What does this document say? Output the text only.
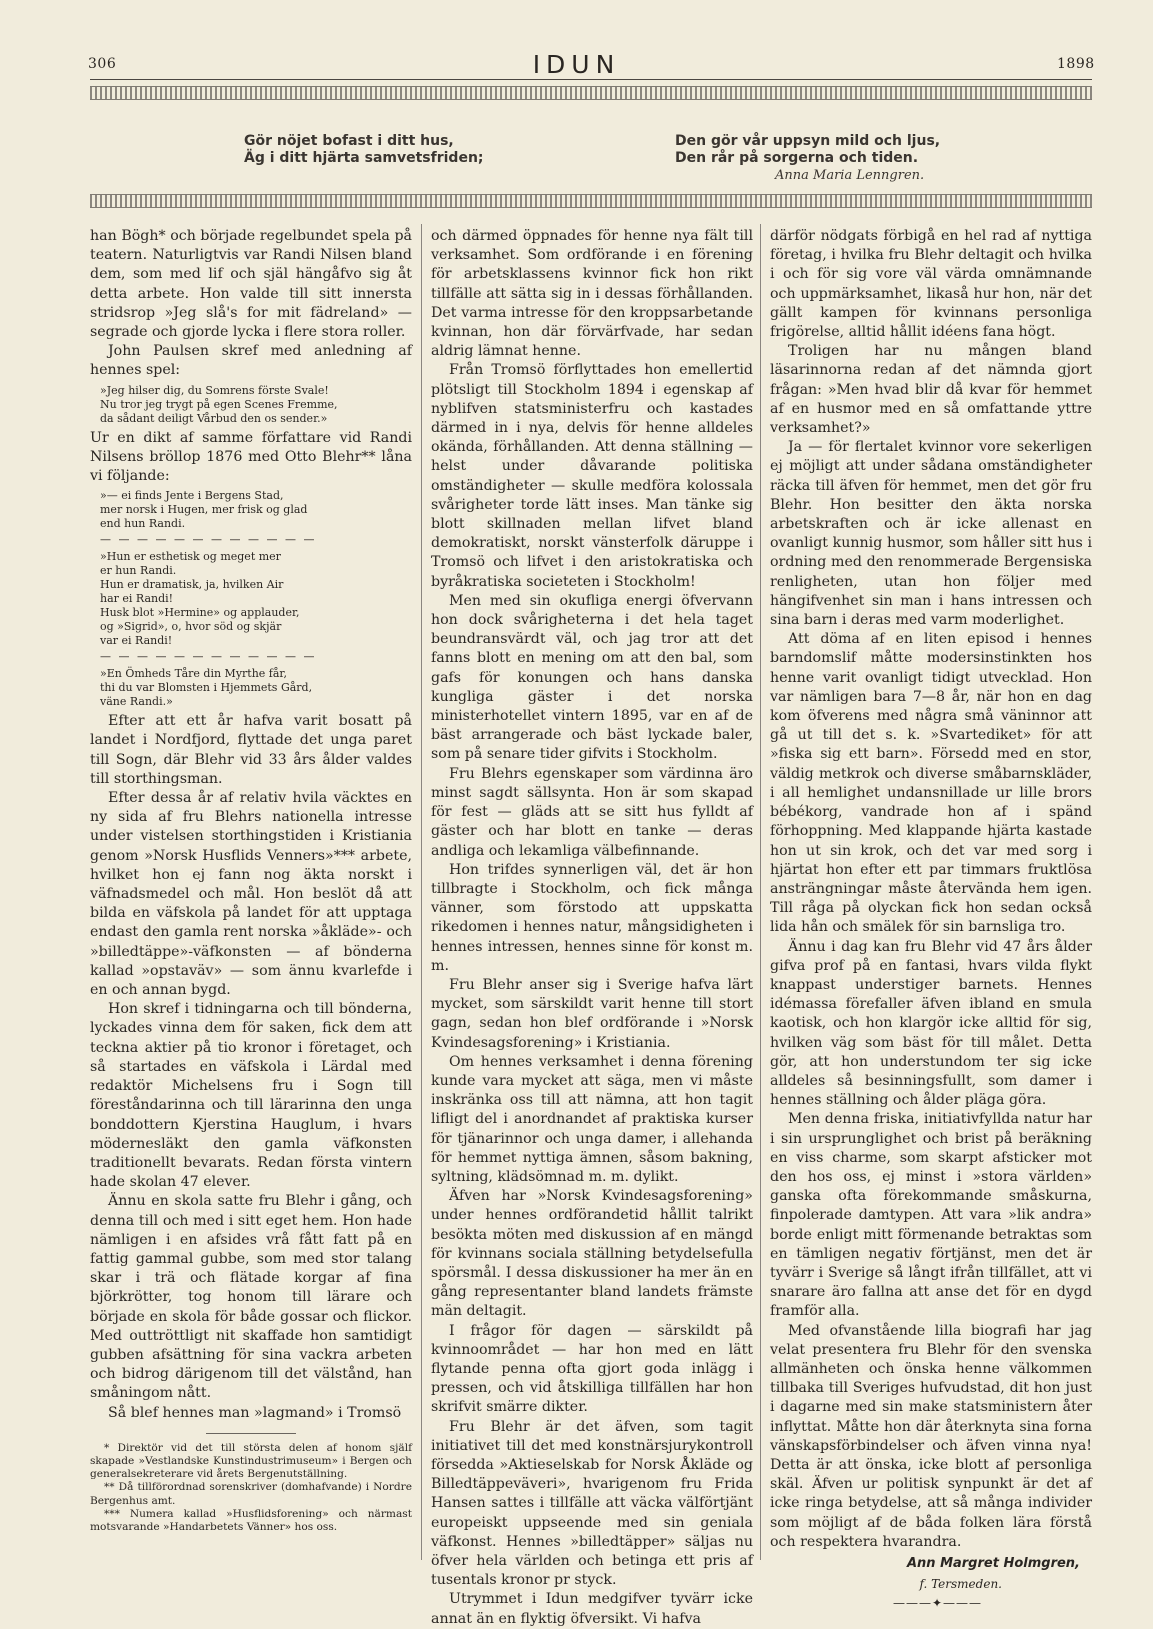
306	IDUN	1898
Gör nöjet bofast i ditt hus,
Äg i ditt hjärta samvetsfriden;
Den gör vår uppsyn mild och ljus,
Den rår på sorgerna och tiden.
Anna Maria Lenngren.

han Bögh* och började regelbundet spela på teatern. Naturligtvis var Randi Nilsen bland dem, som med lif och själ hängåfvo sig åt detta arbete. Hon valde till sitt innersta stridsrop »Jeg slå's for mit fädreland» — segrade och gjorde lycka i flere stora roller.

John Paulsen skref med anledning af hennes spel:

»Jeg hilser dig, du Somrens förste Svale!
Nu tror jeg trygt på egen Scenes Fremme,
da sådant deiligt Vårbud den os sender.»

Ur en dikt af samme författare vid Randi Nilsens bröllop 1876 med Otto Blehr** låna vi följande:

»— ei finds Jente i Bergens Stad,
mer norsk i Hugen, mer frisk og glad
end hun Randi.
— — — — — — — — — — — —
»Hun er esthetisk og meget mer
er hun Randi.
Hun er dramatisk, ja, hvilken Air
har ei Randi!
Husk blot »Hermine» og applauder,
og »Sigrid», o, hvor söd og skjär
var ei Randi!
— — — — — — — — — — — —
»En Ömheds Tåre din Myrthe får,
thi du var Blomsten i Hjemmets Gård,
väne Randi.»

Efter att ett år hafva varit bosatt på landet i Nordfjord, flyttade det unga paret till Sogn, där Blehr vid 33 års ålder valdes till storthingsman.

Efter dessa år af relativ hvila väcktes en ny sida af fru Blehrs nationella intresse under vistelsen storthingstiden i Kristiania genom »Norsk Husflids Venners»*** arbete, hvilket hon ej fann nog äkta norskt i väfnadsmedel och mål. Hon beslöt då att bilda en väfskola på landet för att upptaga endast den gamla rent norska »åkläde»- och »billedtäppe»-väfkonsten — af bönderna kallad »opstaväv» — som ännu kvarlefde i en och annan bygd.

Hon skref i tidningarna och till bönderna, lyckades vinna dem för saken, fick dem att teckna aktier på tio kronor i företaget, och så startades en väfskola i Lärdal med redaktör Michelsens fru i Sogn till föreståndarinna och till lärarinna den unga bonddottern Kjerstina Hauglum, i hvars mödernesläkt den gamla väfkonsten traditionellt bevarats. Redan första vintern hade skolan 47 elever.

Ännu en skola satte fru Blehr i gång, och denna till och med i sitt eget hem. Hon hade nämligen i en afsides vrå fått fatt på en fattig gammal gubbe, som med stor talang skar i trä och flätade korgar af fina björkrötter, tog honom till lärare och började en skola för både gossar och flickor. Med outtröttligt nit skaffade hon samtidigt gubben afsättning för sina vackra arbeten och bidrog därigenom till det välstånd, han småningom nått.

Så blef hennes man »lagmand» i Tromsö

* Direktör vid det till största delen af honom själf skapade »Vestlandske Kunstindustrimuseum» i Bergen och generalsekreterare vid årets Bergenutställning.
** Då tillförordnad sorenskriver (domhafvande) i Nordre Bergenhus amt.
*** Numera kallad »Husflidsforening» och närmast motsvarande »Handarbetets Vänner» hos oss.

och därmed öppnades för henne nya fält till verksamhet. Som ordförande i en förening för arbetsklassens kvinnor fick hon rikt tillfälle att sätta sig in i dessas förhållanden. Det varma intresse för den kroppsarbetande kvinnan, hon där förvärfvade, har sedan aldrig lämnat henne.

Från Tromsö förflyttades hon emellertid plötsligt till Stockholm 1894 i egenskap af nyblifven statsministerfru och kastades därmed in i nya, delvis för henne alldeles okända, förhållanden. Att denna ställning — helst under dåvarande politiska omständigheter — skulle medföra kolossala svårigheter torde lätt inses. Man tänke sig blott skillnaden mellan lifvet bland demokratiskt, norskt vänsterfolk däruppe i Tromsö och lifvet i den aristokratiska och byråkratiska societeten i Stockholm!

Men med sin okufliga energi öfvervann hon dock svårigheterna i det hela taget beundransvärdt väl, och jag tror att det fanns blott en mening om att den bal, som gafs för konungen och hans danska kungliga gäster i det norska ministerhotellet vintern 1895, var en af de bäst arrangerade och bäst lyckade baler, som på senare tider gifvits i Stockholm.

Fru Blehrs egenskaper som värdinna äro minst sagdt sällsynta. Hon är som skapad för fest — gläds att se sitt hus fylldt af gäster och har blott en tanke — deras andliga och lekamliga välbefinnande.

Hon trifdes synnerligen väl, det är hon tillbragte i Stockholm, och fick många vänner, som förstodo att uppskatta rikedomen i hennes natur, mångsidigheten i hennes intressen, hennes sinne för konst m. m.

Fru Blehr anser sig i Sverige hafva lärt mycket, som särskildt varit henne till stort gagn, sedan hon blef ordförande i »Norsk Kvindesagsforening» i Kristiania.

Om hennes verksamhet i denna förening kunde vara mycket att säga, men vi måste inskränka oss till att nämna, att hon tagit lifligt del i anordnandet af praktiska kurser för tjänarinnor och unga damer, i allehanda för hemmet nyttiga ämnen, såsom bakning, syltning, klädsömnad m. m. dylikt.

Äfven har »Norsk Kvindesagsforening» under hennes ordförandetid hållit talrikt besökta möten med diskussion af en mängd för kvinnans sociala ställning betydelsefulla spörsmål. I dessa diskussioner ha mer än en gång representanter bland landets främste män deltagit.

I frågor för dagen — särskildt på kvinnoområdet — har hon med en lätt flytande penna ofta gjort goda inlägg i pressen, och vid åtskilliga tillfällen har hon skrifvit smärre dikter.

Fru Blehr är det äfven, som tagit initiativet till det med konstnärsjurykontroll försedda »Aktieselskab for Norsk Åkläde og Billedtäppeväveri», hvarigenom fru Frida Hansen sattes i tillfälle att väcka välförtjänt europeiskt uppseende med sin geniala väfkonst. Hennes »billedtäpper» säljas nu öfver hela världen och betinga ett pris af tusentals kronor pr styck.

Utrymmet i Idun medgifver tyvärr icke annat än en flyktig öfversikt. Vi hafva

därför nödgats förbigå en hel rad af nyttiga företag, i hvilka fru Blehr deltagit och hvilka i och för sig vore väl värda omnämnande och uppmärksamhet, likaså hur hon, när det gällt kampen för kvinnans personliga frigörelse, alltid hållit idéens fana högt.

Troligen har nu mången bland läsarinnorna redan af det nämnda gjort frågan: »Men hvad blir då kvar för hemmet af en husmor med en så omfattande yttre verksamhet?»

Ja — för flertalet kvinnor vore sekerligen ej möjligt att under sådana omständigheter räcka till äfven för hemmet, men det gör fru Blehr. Hon besitter den äkta norska arbetskraften och är icke allenast en ovanligt kunnig husmor, som håller sitt hus i ordning med den renommerade Bergensiska renligheten, utan hon följer med hängifvenhet sin man i hans intressen och sina barn i deras med varm moderlighet.

Att döma af en liten episod i hennes barndomslif måtte modersinstinkten hos henne varit ovanligt tidigt utvecklad. Hon var nämligen bara 7—8 år, när hon en dag kom öfverens med några små väninnor att gå ut till det s. k. »Svartediket» för att »fiska sig ett barn». Försedd med en stor, väldig metkrok och diverse småbarnskläder, i all hemlighet undansnillade ur lille brors bébékorg, vandrade hon af i spänd förhoppning. Med klappande hjärta kastade hon ut sin krok, och det var med sorg i hjärtat hon efter ett par timmars fruktlösa ansträngningar måste återvända hem igen. Till råga på olyckan fick hon sedan också lida hån och smälek för sin barnsliga tro.

Ännu i dag kan fru Blehr vid 47 års ålder gifva prof på en fantasi, hvars vilda flykt knappast understiger barnets. Hennes idémassa förefaller äfven ibland en smula kaotisk, och hon klargör icke alltid för sig, hvilken väg som bäst för till målet. Detta gör, att hon understundom ter sig icke alldeles så besinningsfullt, som damer i hennes ställning och ålder pläga göra.

Men denna friska, initiativfyllda natur har i sin ursprunglighet och brist på beräkning en viss charme, som skarpt afsticker mot den hos oss, ej minst i »stora världen» ganska ofta förekommande småskurna, finpolerade damtypen. Att vara »lik andra» borde enligt mitt förmenande betraktas som en tämligen negativ förtjänst, men det är tyvärr i Sverige så långt ifrån tillfället, att vi snarare äro fallna att anse det för en dygd framför alla.

Med ofvanstående lilla biografi har jag velat presentera fru Blehr för den svenska allmänheten och önska henne välkommen tillbaka till Sveriges hufvudstad, dit hon just i dagarne med sin make statsministern åter inflyttat. Måtte hon där återknyta sina forna vänskapsförbindelser och äfven vinna nya! Detta är att önska, icke blott af personliga skäl. Äfven ur politisk synpunkt är det af icke ringa betydelse, att så många individer som möjligt af de båda folken lära förstå och respektera hvarandra.

Ann Margret Holmgren,
f. Tersmeden.
———✦———
